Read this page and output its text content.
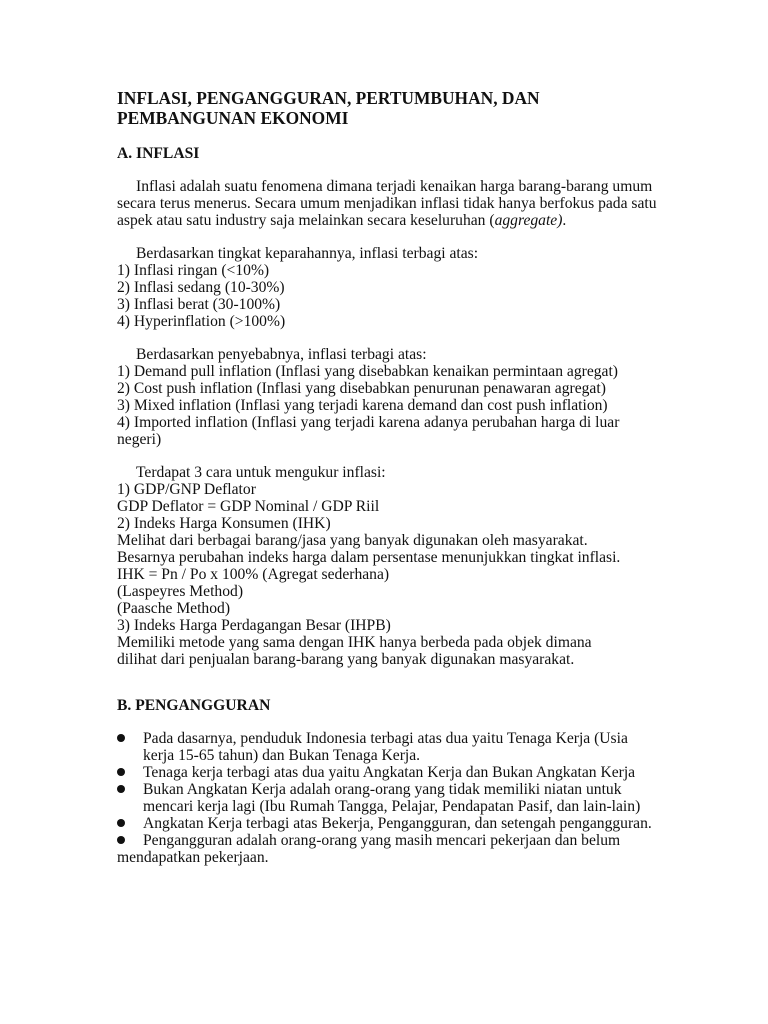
INFLASI, PENGANGGURAN, PERTUMBUHAN, DAN
PEMBANGUNAN EKONOMI
A. INFLASI
Inflasi adalah suatu fenomena dimana terjadi kenaikan harga barang-barang umum
secara terus menerus. Secara umum menjadikan inflasi tidak hanya berfokus pada satu
aspek atau satu industry saja melainkan secara keseluruhan (aggregate).
Berdasarkan tingkat keparahannya, inflasi terbagi atas:
1) Inflasi ringan (<10%)
2) Inflasi sedang (10-30%)
3) Inflasi berat (30-100%)
4) Hyperinflation (>100%)
Berdasarkan penyebabnya, inflasi terbagi atas:
1) Demand pull inflation (Inflasi yang disebabkan kenaikan permintaan agregat)
2) Cost push inflation (Inflasi yang disebabkan penurunan penawaran agregat)
3) Mixed inflation (Inflasi yang terjadi karena demand dan cost push inflation)
4) Imported inflation (Inflasi yang terjadi karena adanya perubahan harga di luar
negeri)
Terdapat 3 cara untuk mengukur inflasi:
1) GDP/GNP Deflator
GDP Deflator = GDP Nominal / GDP Riil
2) Indeks Harga Konsumen (IHK)
Melihat dari berbagai barang/jasa yang banyak digunakan oleh masyarakat.
Besarnya perubahan indeks harga dalam persentase menunjukkan tingkat inflasi.
IHK = Pn / Po x 100% (Agregat sederhana)
(Laspeyres Method)
(Paasche Method)
3) Indeks Harga Perdagangan Besar (IHPB)
Memiliki metode yang sama dengan IHK hanya berbeda pada objek dimana
dilihat dari penjualan barang-barang yang banyak digunakan masyarakat.
B. PENGANGGURAN
Pada dasarnya, penduduk Indonesia terbagi atas dua yaitu Tenaga Kerja (Usia
kerja 15-65 tahun) dan Bukan Tenaga Kerja.
Tenaga kerja terbagi atas dua yaitu Angkatan Kerja dan Bukan Angkatan Kerja
Bukan Angkatan Kerja adalah orang-orang yang tidak memiliki niatan untuk
mencari kerja lagi (Ibu Rumah Tangga, Pelajar, Pendapatan Pasif, dan lain-lain)
Angkatan Kerja terbagi atas Bekerja, Pengangguran, dan setengah pengangguran.
Pengangguran adalah orang-orang yang masih mencari pekerjaan dan belum
mendapatkan pekerjaan.
